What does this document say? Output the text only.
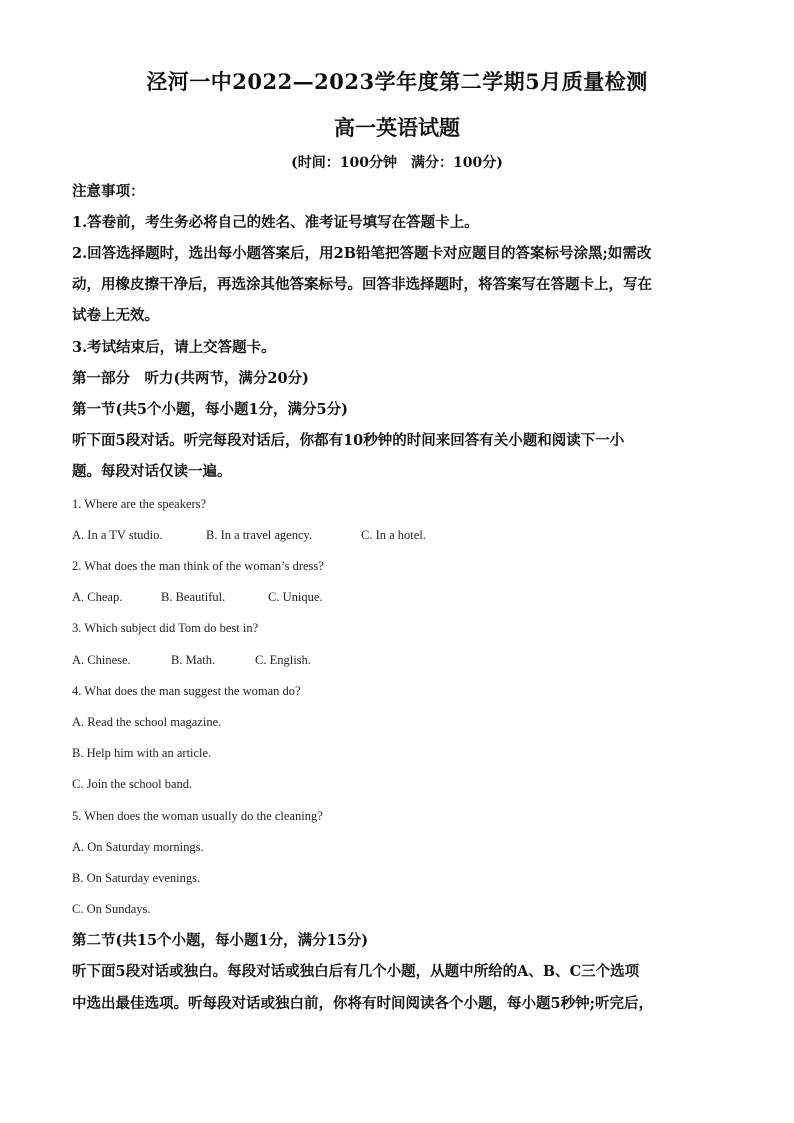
泾河一中2022—2023学年度第二学期5月质量检测
高一英语试题
(时间：100分钟　满分：100分)

注意事项：

1.答卷前，考生务必将自己的姓名、准考证号填写在答题卡上。

2.回答选择题时，选出每小题答案后，用2B铅笔把答题卡对应题目的答案标号涂黑;如需改

动，用橡皮擦干净后，再选涂其他答案标号。回答非选择题时，将答案写在答题卡上，写在

试卷上无效。

3.考试结束后，请上交答题卡。

第一部分　听力(共两节，满分20分)

第一节(共5个小题，每小题1分，满分5分)

听下面5段对话。听完每段对话后，你都有10秒钟的时间来回答有关小题和阅读下一小

题。每段对话仅读一遍。

1. Where are the speakers?

A. In a TV studio.	B. In a travel agency.	C. In a hotel.

2. What does the man think of the woman’s dress?

A. Cheap.	B. Beautiful.	C. Unique.

3. Which subject did Tom do best in?

A. Chinese.	B. Math.	C. English.

4. What does the man suggest the woman do?

A. Read the school magazine.

B. Help him with an article.

C. Join the school band.

5. When does the woman usually do the cleaning?

A. On Saturday mornings.

B. On Saturday evenings.

C. On Sundays.

第二节(共15个小题，每小题1分，满分15分)

听下面5段对话或独白。每段对话或独白后有几个小题，从题中所给的A、B、C三个选项

中选出最佳选项。听每段对话或独白前，你将有时间阅读各个小题，每小题5秒钟;听完后，
